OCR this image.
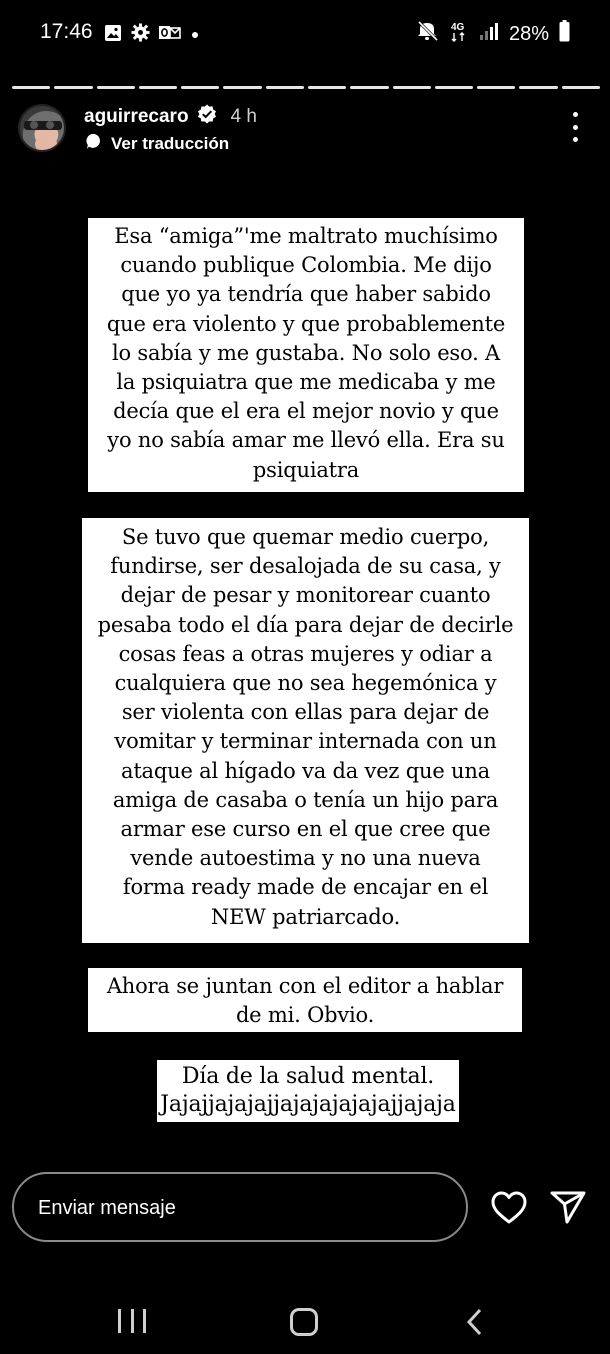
17:46	4G 28%
aguirrecaro 4 h
Ver traducción
Esa “amiga”'me maltrato muchísimo
cuando publique Colombia. Me dijo
que yo ya tendría que haber sabido
que era violento y que probablemente
lo sabía y me gustaba. No solo eso. A
la psiquiatra que me medicaba y me
decía que el era el mejor novio y que
yo no sabía amar me llevó ella. Era su
psiquiatra
Se tuvo que quemar medio cuerpo,
fundirse, ser desalojada de su casa, y
dejar de pesar y monitorear cuanto
pesaba todo el día para dejar de decirle
cosas feas a otras mujeres y odiar a
cualquiera que no sea hegemónica y
ser violenta con ellas para dejar de
vomitar y terminar internada con un
ataque al hígado va da vez que una
amiga de casaba o tenía un hijo para
armar ese curso en el que cree que
vende autoestima y no una nueva
forma ready made de encajar en el
NEW patriarcado.
Ahora se juntan con el editor a hablar
de mi. Obvio.
Día de la salud mental.
Jajajjajajajjajajajajajajjajaja
Enviar mensaje
